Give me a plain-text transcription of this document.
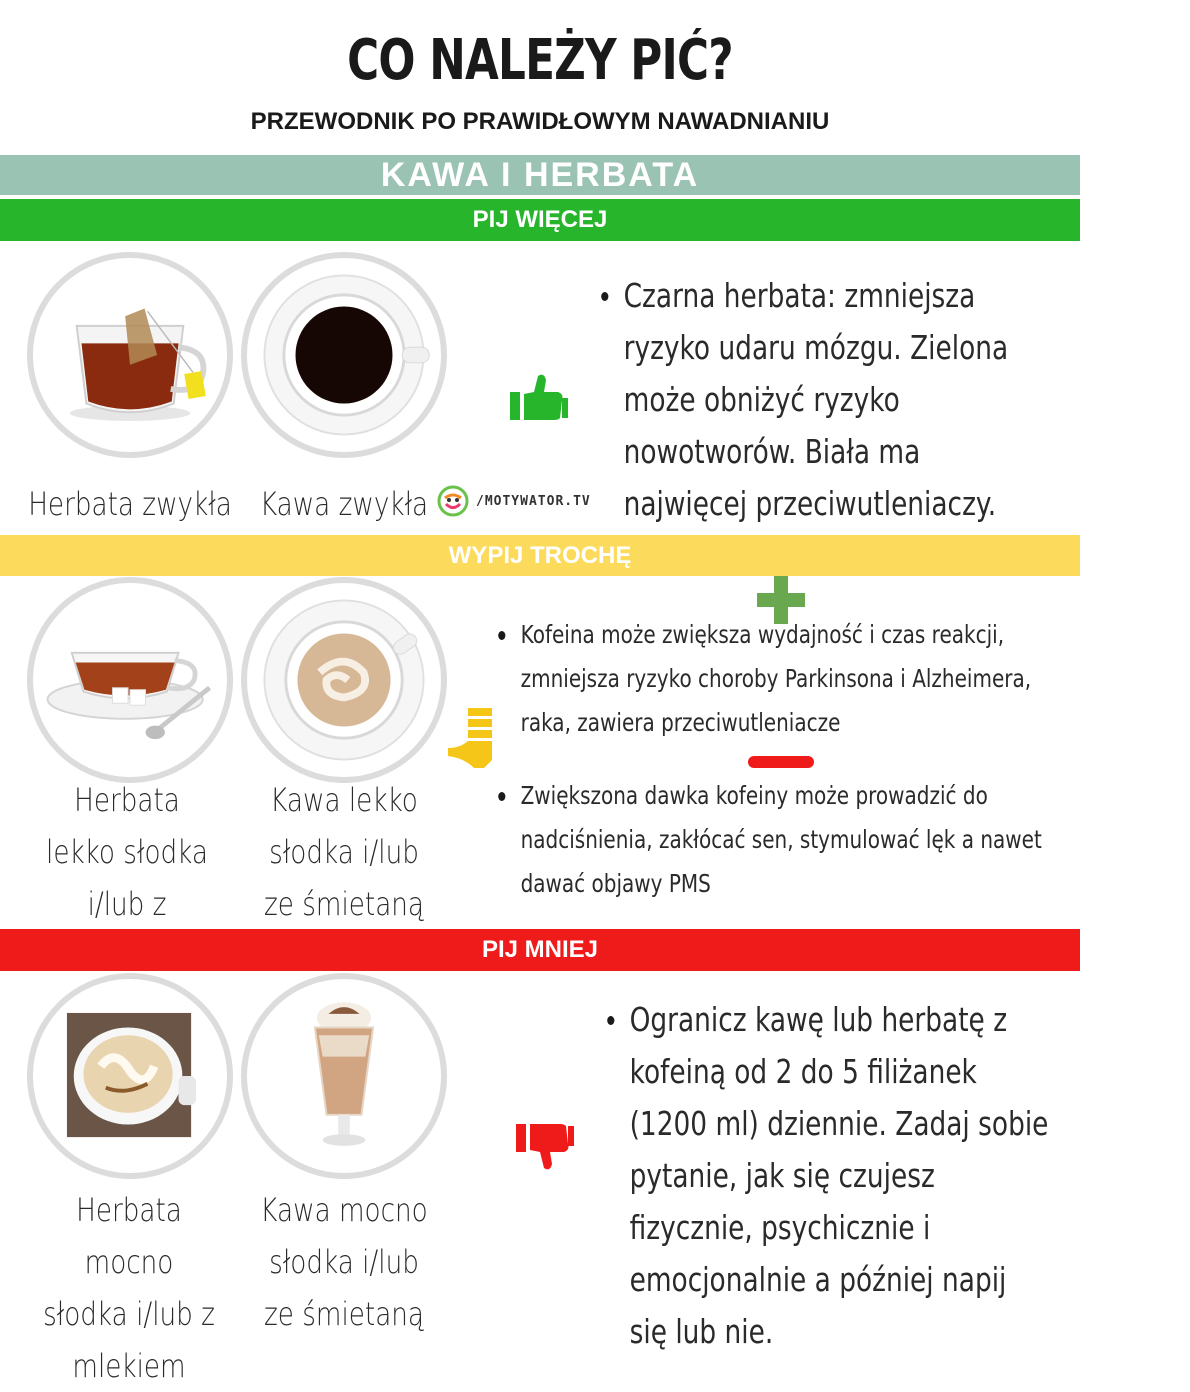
CO NALEŻY PIĆ?
PRZEWODNIK PO PRAWIDŁOWYM NAWADNIANIU
KAWA I HERBATA
PIJ WIĘCEJ
Herbata zwykła Kawa zwykła	/MOTYWATOR.TV
Czarna herbata: zmniejsza ryzyko udaru mózgu. Zielona może obniżyć ryzyko nowotworów. Biała ma najwięcej przeciwutleniaczy.
WYPIJ TROCHĘ
Herbata lekko słodka i/lub z
Kawa lekko słodka i/lub ze śmietaną
Kofeina może zwiększa wydajność i czas reakcji, zmniejsza ryzyko choroby Parkinsona i Alzheimera, raka, zawiera przeciwutleniacze
Zwiększona dawka kofeiny może prowadzić do nadciśnienia, zakłócać sen, stymulować lęk a nawet dawać objawy PMS
PIJ MNIEJ
Herbata mocno słodka i/lub z mlekiem
Kawa mocno słodka i/lub ze śmietaną
Ogranicz kawę lub herbatę z kofeiną od 2 do 5 filiżanek (1200 ml) dziennie. Zadaj sobie pytanie, jak się czujesz fizycznie, psychicznie i emocjonalnie a później napij się lub nie.
